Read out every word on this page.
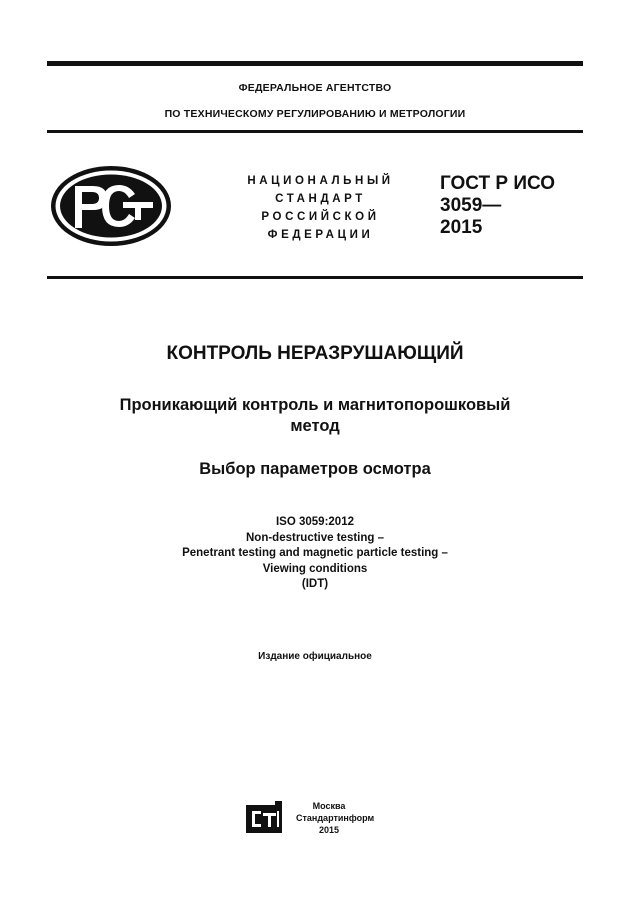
ФЕДЕРАЛЬНОЕ АГЕНТСТВО
ПО ТЕХНИЧЕСКОМУ РЕГУЛИРОВАНИЮ И МЕТРОЛОГИИ
НАЦИОНАЛЬНЫЙ
СТАНДАРТ
РОССИЙСКОЙ
ФЕДЕРАЦИИ
ГОСТ Р ИСО
3059—
2015
КОНТРОЛЬ НЕРАЗРУШАЮЩИЙ
Проникающий контроль и магнитопорошковый
метод
Выбор параметров осмотра
ISO 3059:2012
Non-destructive testing –
Penetrant testing and magnetic particle testing –
Viewing conditions
(IDT)
Издание официальное
Москва
Стандартинформ
2015
